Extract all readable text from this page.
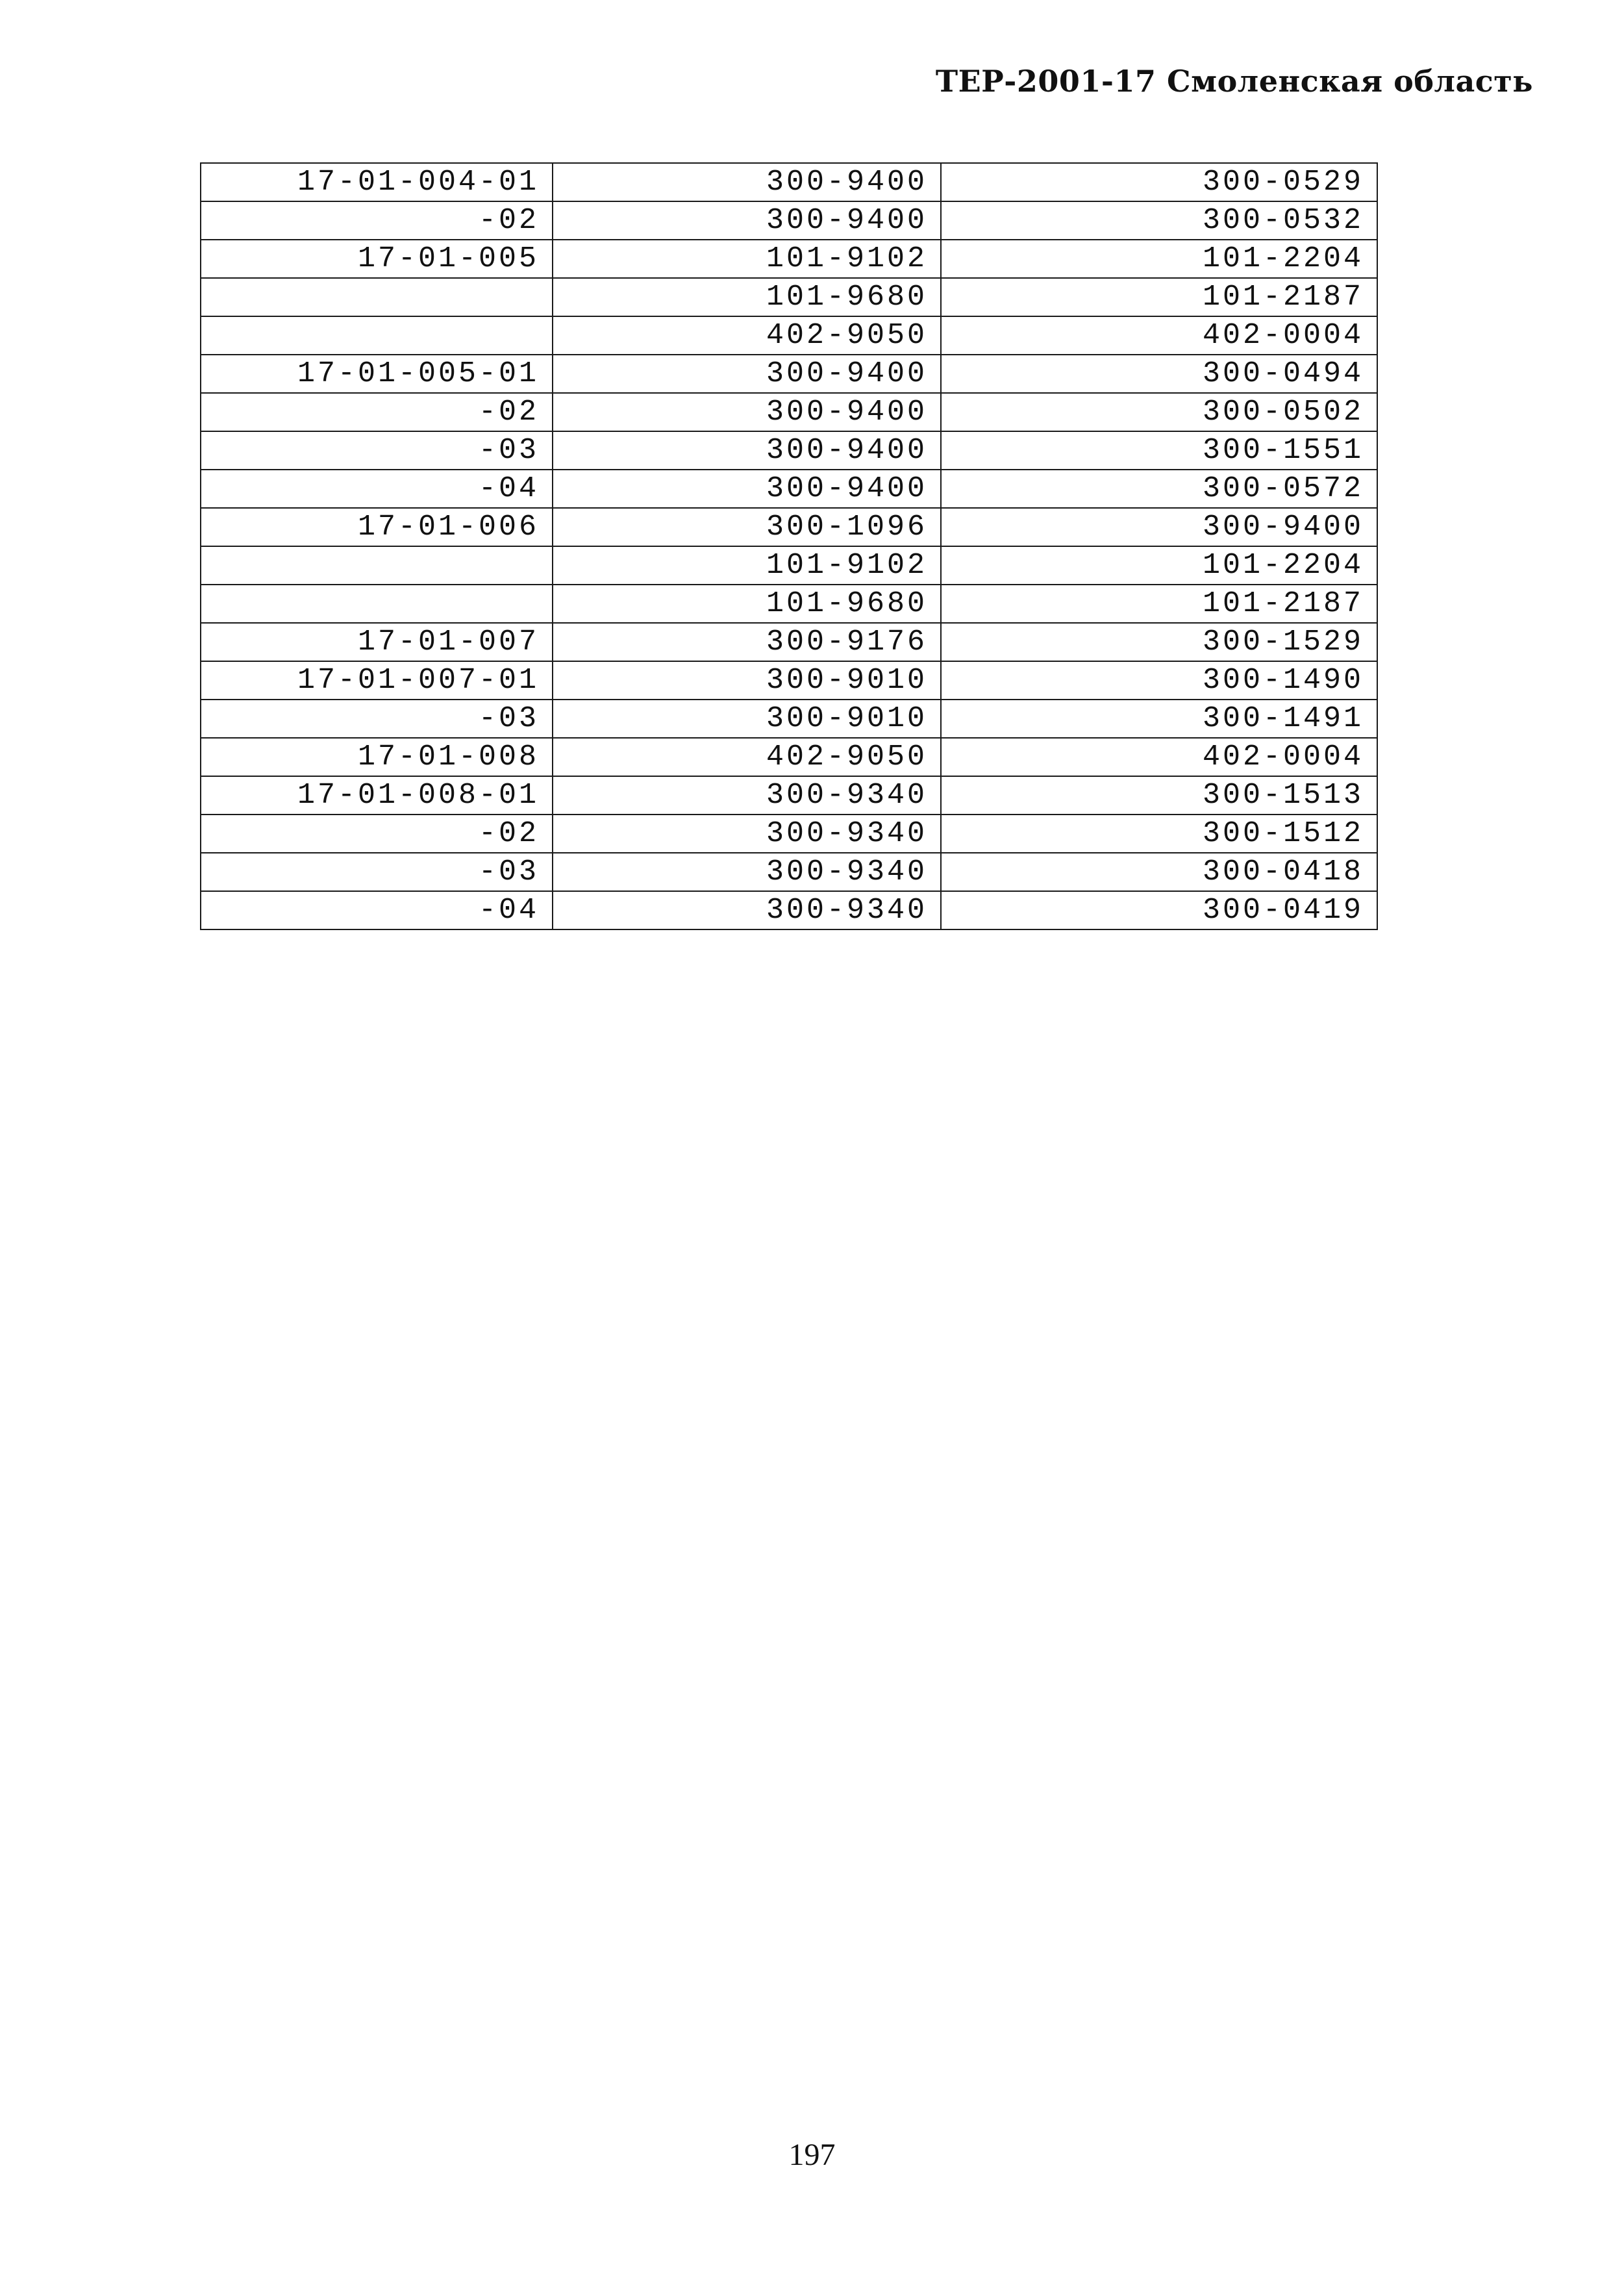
ТЕР-2001-17 Смоленская область
17-01-004-01	300-9400	300-0529
-02	300-9400	300-0532
17-01-005	101-9102	101-2204
	101-9680	101-2187
	402-9050	402-0004
17-01-005-01	300-9400	300-0494
-02	300-9400	300-0502
-03	300-9400	300-1551
-04	300-9400	300-0572
17-01-006	300-1096	300-9400
	101-9102	101-2204
	101-9680	101-2187
17-01-007	300-9176	300-1529
17-01-007-01	300-9010	300-1490
-03	300-9010	300-1491
17-01-008	402-9050	402-0004
17-01-008-01	300-9340	300-1513
-02	300-9340	300-1512
-03	300-9340	300-0418
-04	300-9340	300-0419
197
